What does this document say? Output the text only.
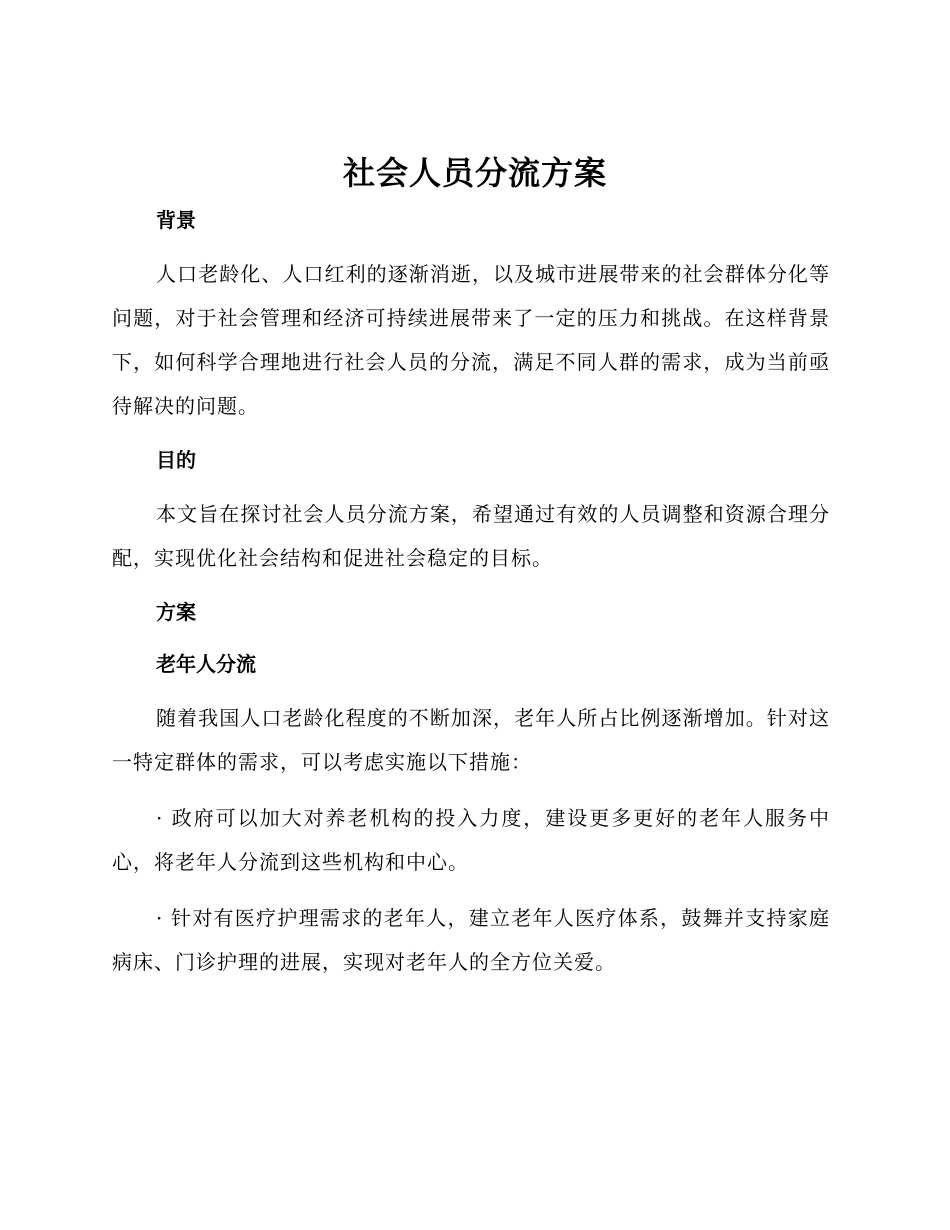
社会人员分流方案
背景

人口老龄化、人口红利的逐渐消逝，以及城市进展带来的社会群体分化等问题，对于社会管理和经济可持续进展带来了一定的压力和挑战。在这样背景下，如何科学合理地进行社会人员的分流，满足不同人群的需求，成为当前亟待解决的问题。

目的

本文旨在探讨社会人员分流方案，希望通过有效的人员调整和资源合理分配，实现优化社会结构和促进社会稳定的目标。

方案
老年人分流

随着我国人口老龄化程度的不断加深，老年人所占比例逐渐增加。针对这一特定群体的需求，可以考虑实施以下措施：

· 政府可以加大对养老机构的投入力度，建设更多更好的老年人服务中心，将老年人分流到这些机构和中心。

· 针对有医疗护理需求的老年人，建立老年人医疗体系，鼓舞并支持家庭病床、门诊护理的进展，实现对老年人的全方位关爱。
